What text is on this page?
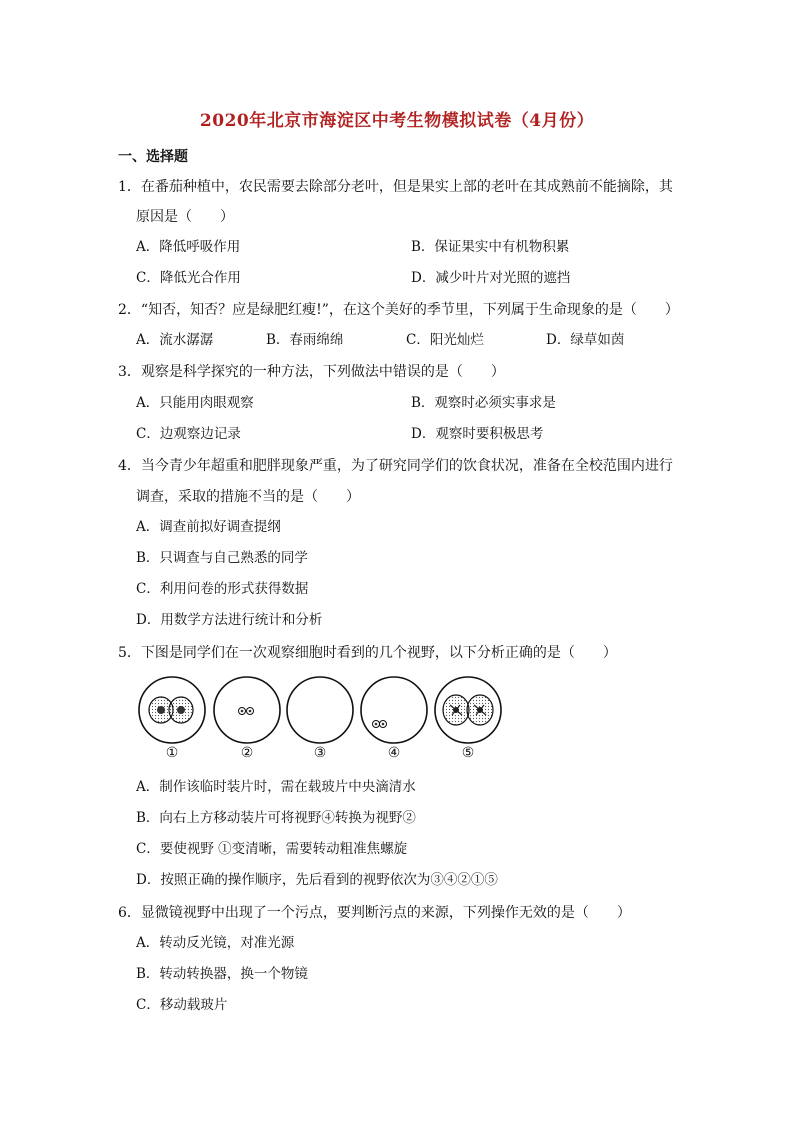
2020年北京市海淀区中考生物模拟试卷（4月份）
一、选择题
1．在番茄种植中，农民需要去除部分老叶，但是果实上部的老叶在其成熟前不能摘除，其
原因是（　　）
A．降低呼吸作用	B．保证果实中有机物积累
C．降低光合作用	D．减少叶片对光照的遮挡
2．“知否，知否？应是绿肥红瘦!”，在这个美好的季节里，下列属于生命现象的是（　　）
A．流水潺潺	B．春雨绵绵	C．阳光灿烂	D．绿草如茵
3．观察是科学探究的一种方法，下列做法中错误的是（　　）
A．只能用肉眼观察	B．观察时必须实事求是
C．边观察边记录	D．观察时要积极思考
4．当今青少年超重和肥胖现象严重，为了研究同学们的饮食状况，准备在全校范围内进行
调查，采取的措施不当的是（　　）
A．调查前拟好调查提纲
B．只调查与自己熟悉的同学
C．利用问卷的形式获得数据
D．用数学方法进行统计和分析
5．下图是同学们在一次观察细胞时看到的几个视野，以下分析正确的是（　　）
①	②	③	④	⑤
A．制作该临时装片时，需在载玻片中央滴清水
B．向右上方移动装片可将视野④转换为视野②
C．要使视野 ①变清晰，需要转动粗准焦螺旋
D．按照正确的操作顺序，先后看到的视野依次为③④②①⑤
6．显微镜视野中出现了一个污点，要判断污点的来源，下列操作无效的是（　　）
A．转动反光镜，对准光源
B．转动转换器，换一个物镜
C．移动载玻片
